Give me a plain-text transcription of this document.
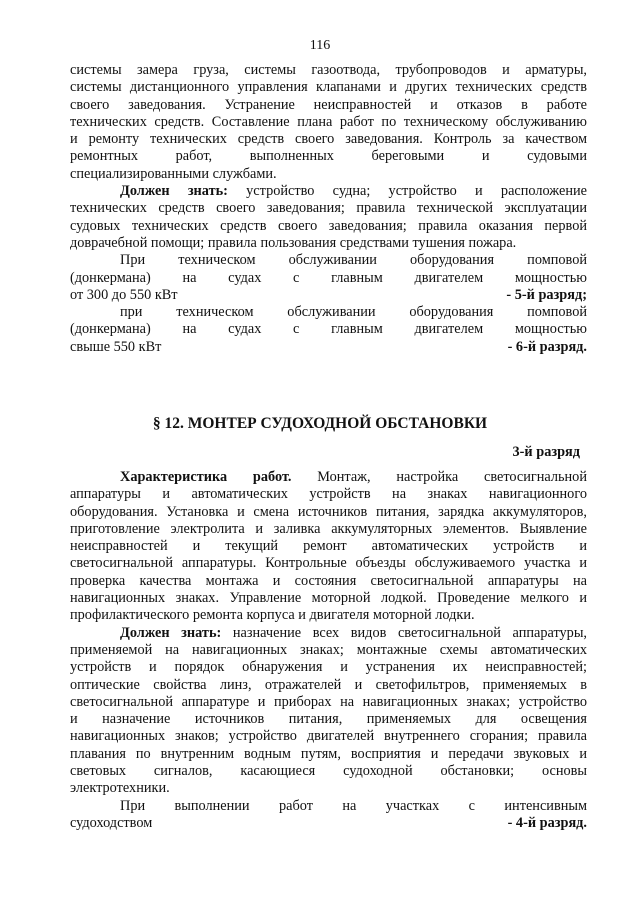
116
системы замера груза, системы газоотвода, трубопроводов и арматуры,
системы дистанционного управления клапанами и других технических средств
своего заведования. Устранение неисправностей и отказов в работе
технических средств. Составление плана работ по техническому обслуживанию
и ремонту технических средств своего заведования. Контроль за качеством
ремонтных работ, выполненных береговыми и судовыми
специализированными службами.
Должен знать: устройство судна; устройство и расположение
технических средств своего заведования; правила технической эксплуатации
судовых технических средств своего заведования; правила оказания первой
доврачебной помощи; правила пользования средствами тушения пожара.
При техническом обслуживании оборудования помповой
(донкермана) на судах с главным двигателем мощностью
от 300 до 550 кВт	- 5-й разряд;
при техническом обслуживании оборудования помповой
(донкермана) на судах с главным двигателем мощностью
свыше 550 кВт	- 6-й разряд.
§ 12. МОНТЕР СУДОХОДНОЙ ОБСТАНОВКИ
3-й разряд
Характеристика работ. Монтаж, настройка светосигнальной
аппаратуры и автоматических устройств на знаках навигационного
оборудования. Установка и смена источников питания, зарядка аккумуляторов,
приготовление электролита и заливка аккумуляторных элементов. Выявление
неисправностей и текущий ремонт автоматических устройств и
светосигнальной аппаратуры. Контрольные объезды обслуживаемого участка и
проверка качества монтажа и состояния светосигнальной аппаратуры на
навигационных знаках. Управление моторной лодкой. Проведение мелкого и
профилактического ремонта корпуса и двигателя моторной лодки.
Должен знать: назначение всех видов светосигнальной аппаратуры,
применяемой на навигационных знаках; монтажные схемы автоматических
устройств и порядок обнаружения и устранения их неисправностей;
оптические свойства линз, отражателей и светофильтров, применяемых в
светосигнальной аппаратуре и приборах на навигационных знаках; устройство
и назначение источников питания, применяемых для освещения
навигационных знаков; устройство двигателей внутреннего сгорания; правила
плавания по внутренним водным путям, восприятия и передачи звуковых и
световых сигналов, касающиеся судоходной обстановки; основы
электротехники.
При выполнении работ на участках с интенсивным
судоходством	- 4-й разряд.
